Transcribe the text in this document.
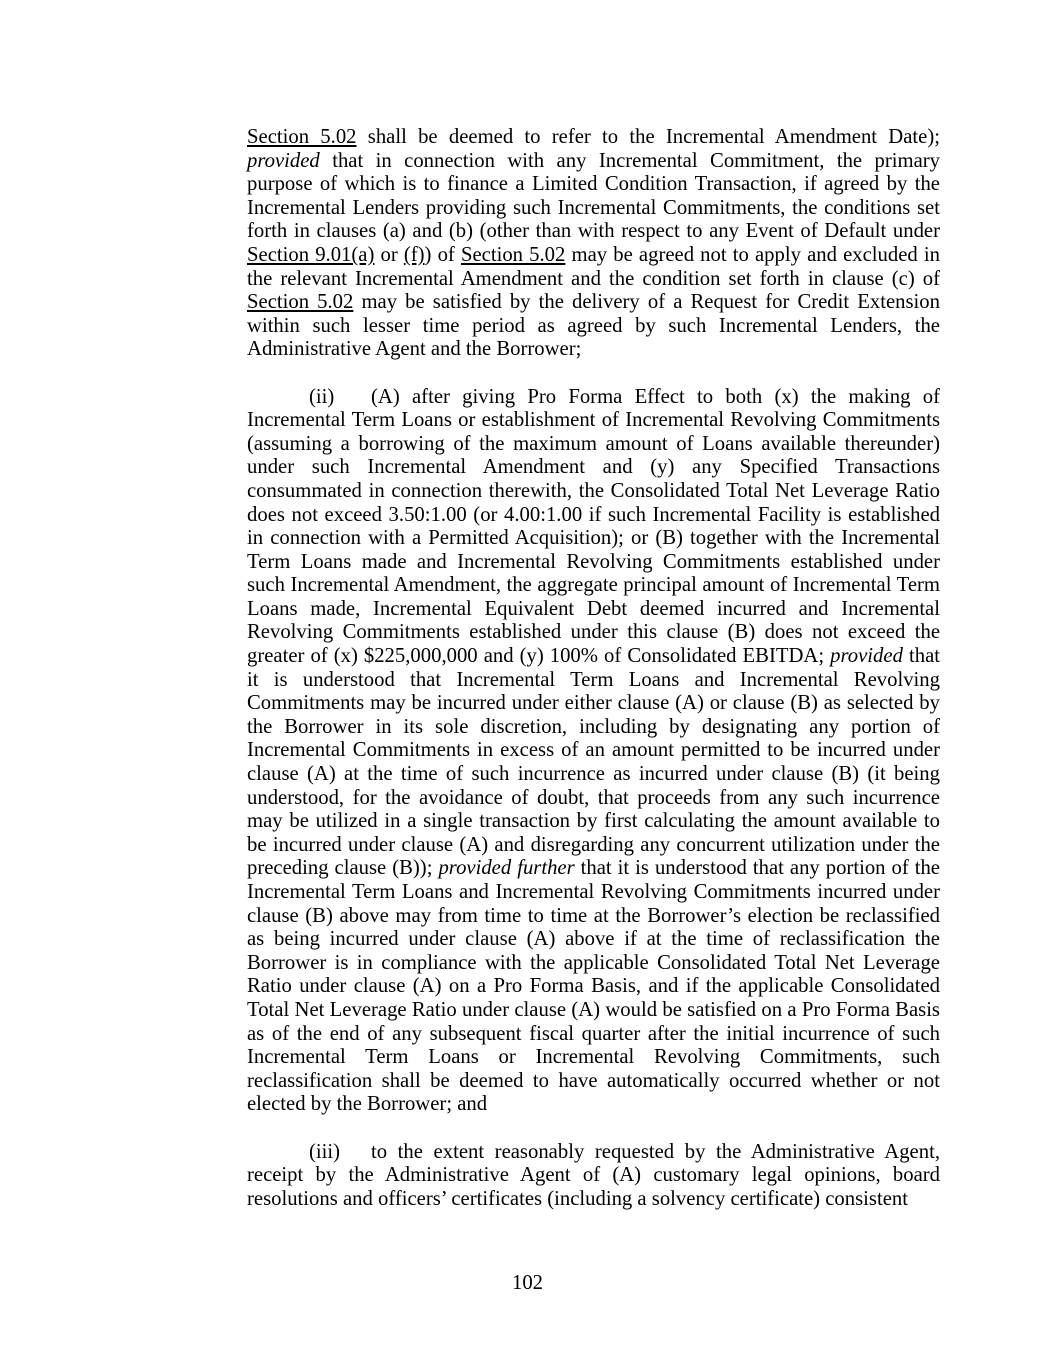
Section 5.02 shall be deemed to refer to the Incremental Amendment Date); provided that in connection with any Incremental Commitment, the primary purpose of which is to finance a Limited Condition Transaction, if agreed by the Incremental Lenders providing such Incremental Commitments, the conditions set forth in clauses (a) and (b) (other than with respect to any Event of Default under Section 9.01(a) or (f)) of Section 5.02 may be agreed not to apply and excluded in the relevant Incremental Amendment and the condition set forth in clause (c) of Section 5.02 may be satisfied by the delivery of a Request for Credit Extension within such lesser time period as agreed by such Incremental Lenders, the Administrative Agent and the Borrower;

(ii) (A) after giving Pro Forma Effect to both (x) the making of Incremental Term Loans or establishment of Incremental Revolving Commitments (assuming a borrowing of the maximum amount of Loans available thereunder) under such Incremental Amendment and (y) any Specified Transactions consummated in connection therewith, the Consolidated Total Net Leverage Ratio does not exceed 3.50:1.00 (or 4.00:1.00 if such Incremental Facility is established in connection with a Permitted Acquisition); or (B) together with the Incremental Term Loans made and Incremental Revolving Commitments established under such Incremental Amendment, the aggregate principal amount of Incremental Term Loans made, Incremental Equivalent Debt deemed incurred and Incremental Revolving Commitments established under this clause (B) does not exceed the greater of (x) $225,000,000 and (y) 100% of Consolidated EBITDA; provided that it is understood that Incremental Term Loans and Incremental Revolving Commitments may be incurred under either clause (A) or clause (B) as selected by the Borrower in its sole discretion, including by designating any portion of Incremental Commitments in excess of an amount permitted to be incurred under clause (A) at the time of such incurrence as incurred under clause (B) (it being understood, for the avoidance of doubt, that proceeds from any such incurrence may be utilized in a single transaction by first calculating the amount available to be incurred under clause (A) and disregarding any concurrent utilization under the preceding clause (B)); provided further that it is understood that any portion of the Incremental Term Loans and Incremental Revolving Commitments incurred under clause (B) above may from time to time at the Borrower’s election be reclassified as being incurred under clause (A) above if at the time of reclassification the Borrower is in compliance with the applicable Consolidated Total Net Leverage Ratio under clause (A) on a Pro Forma Basis, and if the applicable Consolidated Total Net Leverage Ratio under clause (A) would be satisfied on a Pro Forma Basis as of the end of any subsequent fiscal quarter after the initial incurrence of such Incremental Term Loans or Incremental Revolving Commitments, such reclassification shall be deemed to have automatically occurred whether or not elected by the Borrower; and

(iii) to the extent reasonably requested by the Administrative Agent, receipt by the Administrative Agent of (A) customary legal opinions, board resolutions and officers’ certificates (including a solvency certificate) consistent

102
